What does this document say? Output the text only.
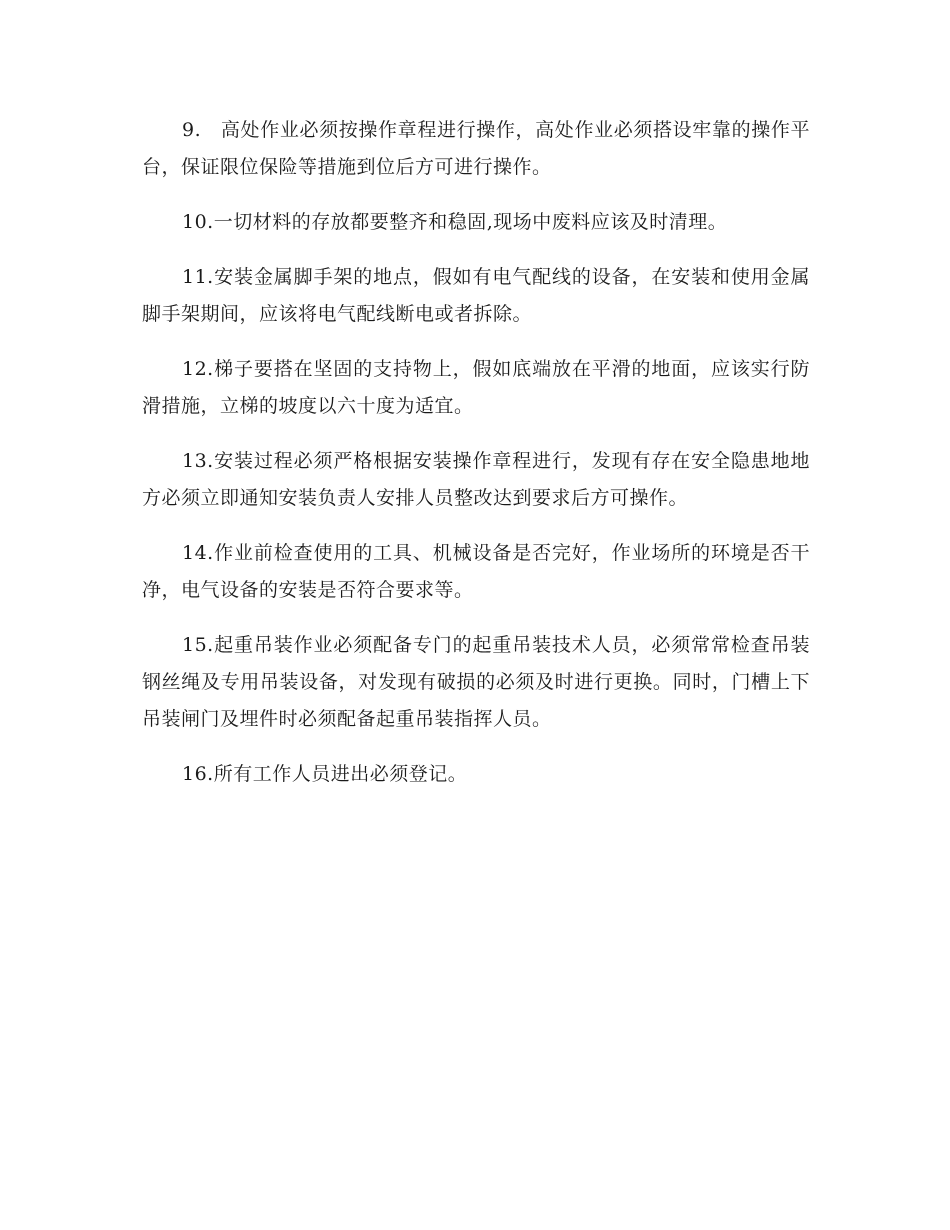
9.　高处作业必须按操作章程进行操作，高处作业必须搭设牢靠的操作平台，保证限位保险等措施到位后方可进行操作。

10.一切材料的存放都要整齐和稳固,现场中废料应该及时清理。

11.安装金属脚手架的地点，假如有电气配线的设备，在安装和使用金属脚手架期间，应该将电气配线断电或者拆除。

12.梯子要搭在坚固的支持物上，假如底端放在平滑的地面，应该实行防滑措施，立梯的坡度以六十度为适宜。

13.安装过程必须严格根据安装操作章程进行，发现有存在安全隐患地地方必须立即通知安装负责人安排人员整改达到要求后方可操作。

14.作业前检查使用的工具、机械设备是否完好，作业场所的环境是否干净，电气设备的安装是否符合要求等。

15.起重吊装作业必须配备专门的起重吊装技术人员，必须常常检查吊装钢丝绳及专用吊装设备，对发现有破损的必须及时进行更换。同时，门槽上下吊装闸门及埋件时必须配备起重吊装指挥人员。

16.所有工作人员进出必须登记。
